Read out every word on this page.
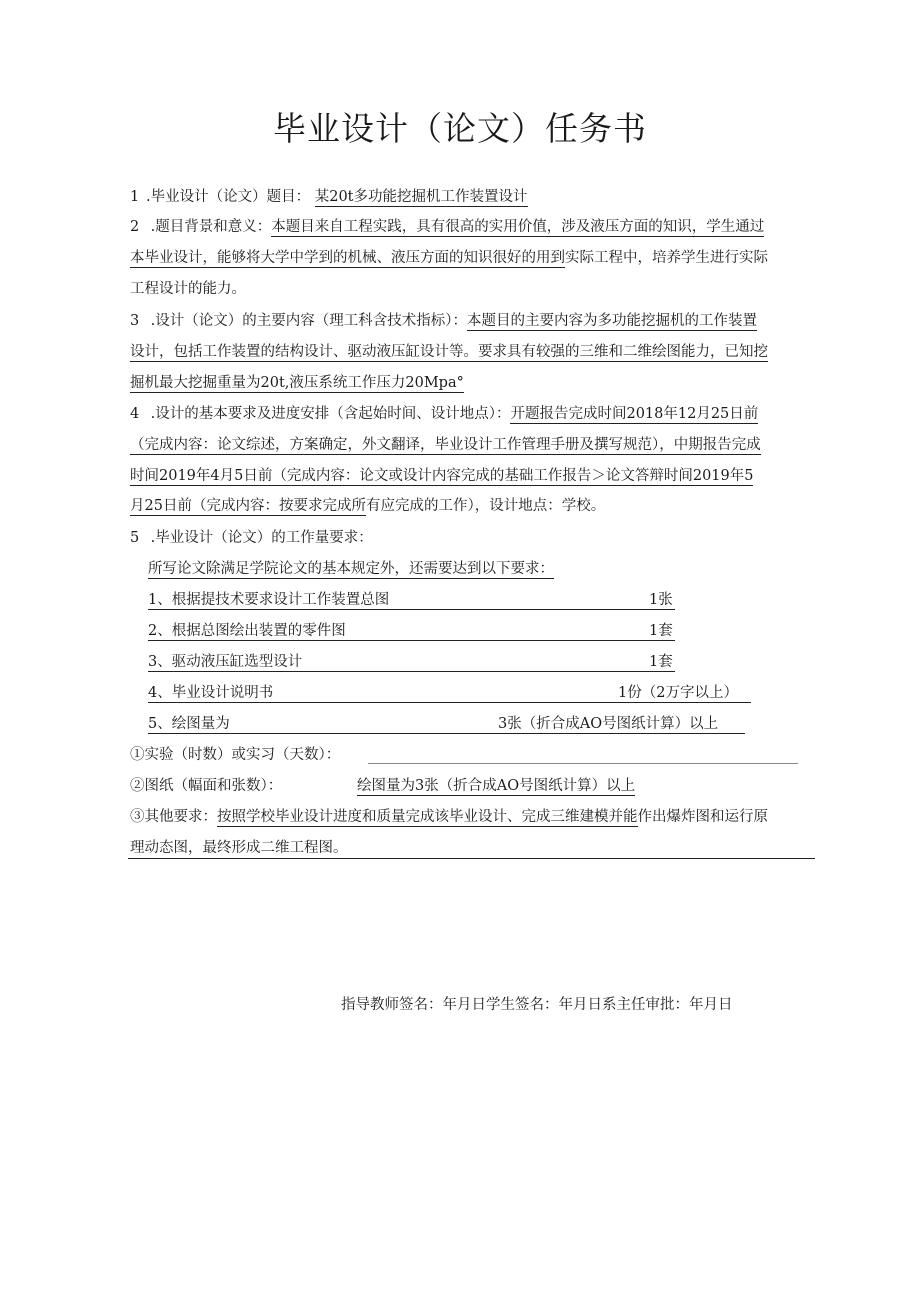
毕业设计（论文）任务书
1 .毕业设计（论文）题目： 某20t多功能挖掘机工作装置设计
2 .题目背景和意义：本题目来自工程实践，具有很高的实用价值，涉及液压方面的知识，学生通过
本毕业设计，能够将大学中学到的机械、液压方面的知识很好的用到实际工程中，培养学生进行实际
工程设计的能力。
3 .设计（论文）的主要内容（理工科含技术指标）：本题目的主要内容为多功能挖掘机的工作装置
设计，包括工作装置的结构设计、驱动液压缸设计等。要求具有较强的三维和二维绘图能力，已知挖
掘机最大挖掘重量为20t,液压系统工作压力20Mpa°
4 .设计的基本要求及进度安排（含起始时间、设计地点）：开题报告完成时间2018年12月25日前
（完成内容：论文综述，方案确定，外文翻译，毕业设计工作管理手册及撰写规范），中期报告完成
时间2019年4月5日前（完成内容：论文或设计内容完成的基础工作报告＞论文答辩时间2019年5
月25日前（完成内容：按要求完成所有应完成的工作），设计地点：学校。
5 .毕业设计（论文）的工作量要求：
所写论文除满足学院论文的基本规定外，还需要达到以下要求：
1、根据提技术要求设计工作装置总图	1张
2、根据总图绘出装置的零件图	1套
3、驱动液压缸选型设计	1套
4、毕业设计说明书	1份（2万字以上）
5、绘图量为	3张（折合成AO号图纸计算）以上
①实验（时数）或实习（天数）：
②图纸（幅面和张数）：	绘图量为3张（折合成AO号图纸计算）以上
③其他要求：按照学校毕业设计进度和质量完成该毕业设计、完成三维建模并能作出爆炸图和运行原
理动态图，最终形成二维工程图。
指导教师签名：年月日学生签名：年月日系主任审批：年月日
